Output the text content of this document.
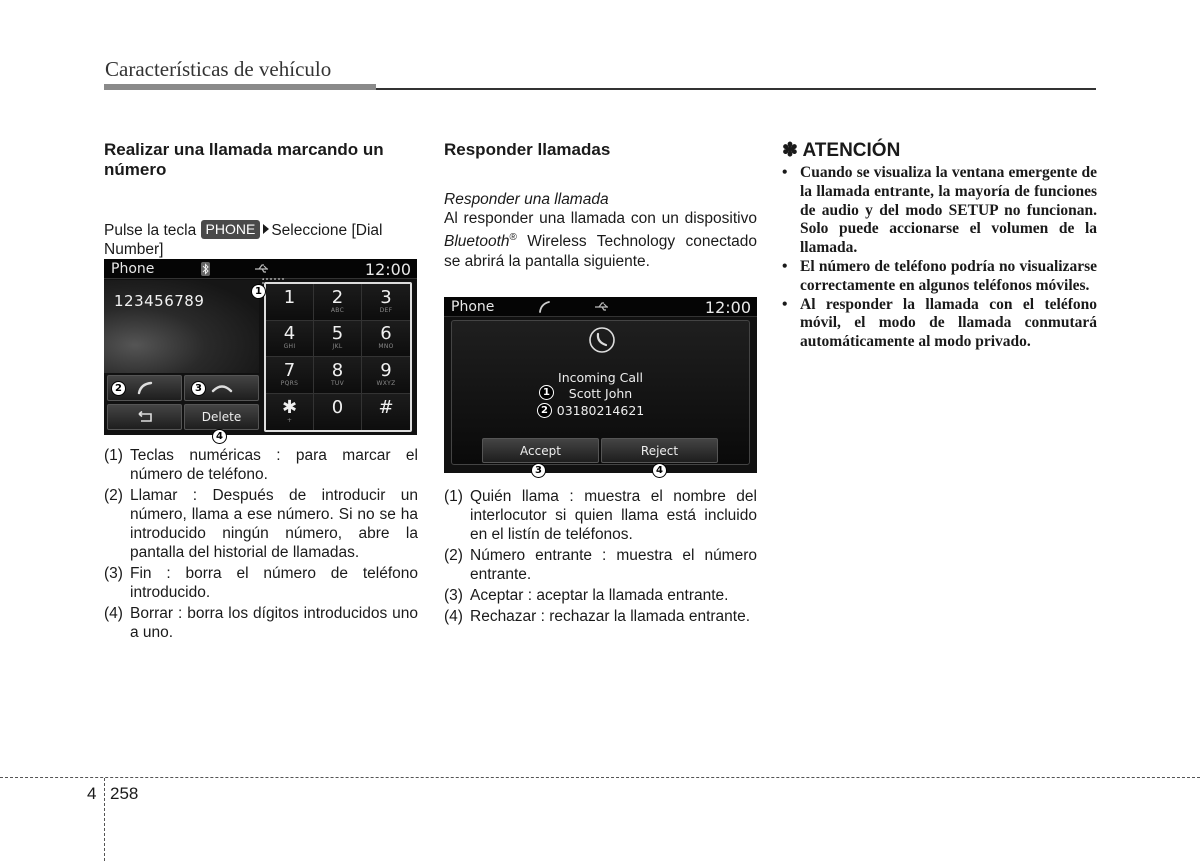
Características de vehículo
Realizar una llamada marcando un número

Pulse la tecla PHONE Seleccione [Dial Number]

Phone	12:00
123456789	1 2
ABC
3
DEF
4
GHI
5
JKL
6
MNO
7
PQRS
8
TUV
9
WXYZ
✱
+
0 #
Delete
1
2	3
4
(1) Teclas numéricas : para marcar el número de teléfono.
(2) Llamar : Después de introducir un número, llama a ese número. Si no se ha introducido ningún número, abre la pantalla del historial de llamadas.
(3) Fin : borra el número de teléfono introducido.
(4) Borrar : borra los dígitos introducidos uno a uno.
Responder llamadas
Responder una llamada

Al responder una llamada con un dispositivo Bluetooth® Wireless Technology conectado se abrirá la pantalla siguiente.

Phone	12:00
Incoming Call
Scott John
03180214621
Accept	Reject
1
2
3	4
(1) Quién llama : muestra el nombre del interlocutor si quien llama está incluido en el listín de teléfonos.
(2) Número entrante : muestra el número entrante.
(3) Aceptar : aceptar la llamada entrante.
(4) Rechazar : rechazar la llamada entrante.
✽ ATENCIÓN
• Cuando se visualiza la ventana emergente de la llamada entrante, la mayoría de funciones de audio y del modo SETUP no funcionan. Solo puede accionarse el volumen de la llamada.
• El número de teléfono podría no visualizarse correctamente en algunos teléfonos móviles.
• Al responder la llamada con el teléfono móvil, el modo de llamada conmutará automáticamente al modo privado.
4 258
